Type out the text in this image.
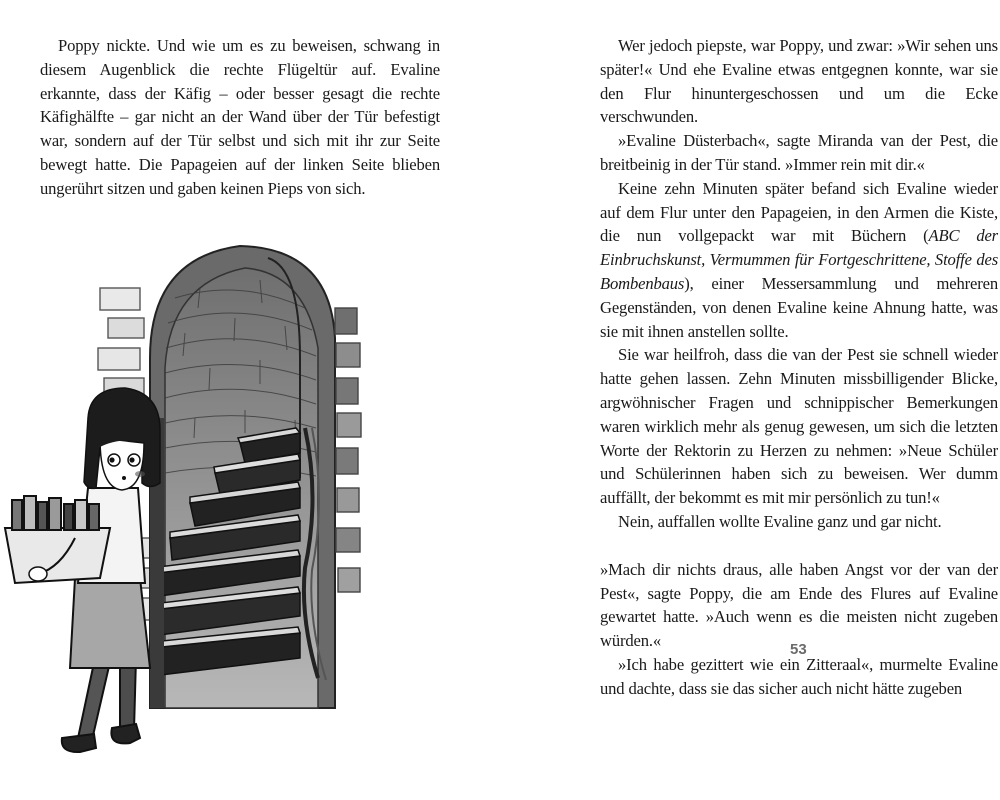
Poppy nickte. Und wie um es zu beweisen, schwang in diesem Augenblick die rechte Flügeltür auf. Evaline erkannte, dass der Käfig – oder besser gesagt die rechte Käfighälfte – gar nicht an der Wand über der Tür befestigt war, sondern auf der Tür selbst und sich mit ihr zur Seite bewegt hatte. Die Papageien auf der linken Seite blieben ungerührt sitzen und gaben keinen Pieps von sich.

Wer jedoch piepste, war Poppy, und zwar: »Wir sehen uns später!« Und ehe Evaline etwas entgegnen konnte, war sie den Flur hinuntergeschossen und um die Ecke verschwunden.

»Evaline Düsterbach«, sagte Miranda van der Pest, die breitbeinig in der Tür stand. »Immer rein mit dir.«

Keine zehn Minuten später befand sich Evaline wieder auf dem Flur unter den Papageien, in den Armen die Kiste, die nun vollgepackt war mit Büchern (ABC der Einbruchskunst, Vermummen für Fortgeschrittene, Stoffe des Bombenbaus), einer Messersammlung und mehreren Gegenständen, von denen Evaline keine Ahnung hatte, was sie mit ihnen anstellen sollte.

Sie war heilfroh, dass die van der Pest sie schnell wieder hatte gehen lassen. Zehn Minuten missbilligender Blicke, argwöhnischer Fragen und schnippischer Bemerkungen waren wirklich mehr als genug gewesen, um sich die letzten Worte der Rektorin zu Herzen zu nehmen: »Neue Schüler und Schülerinnen haben sich zu beweisen. Wer dumm auffällt, der bekommt es mit mir persönlich zu tun!«

Nein, auffallen wollte Evaline ganz und gar nicht.

»Mach dir nichts draus, alle haben Angst vor der van der Pest«, sagte Poppy, die am Ende des Flures auf Evaline gewartet hatte. »Auch wenn es die meisten nicht zugeben würden.«

»Ich habe gezittert wie ein Zitteraal«, murmelte Evaline und dachte, dass sie das sicher auch nicht hätte zugeben

53
